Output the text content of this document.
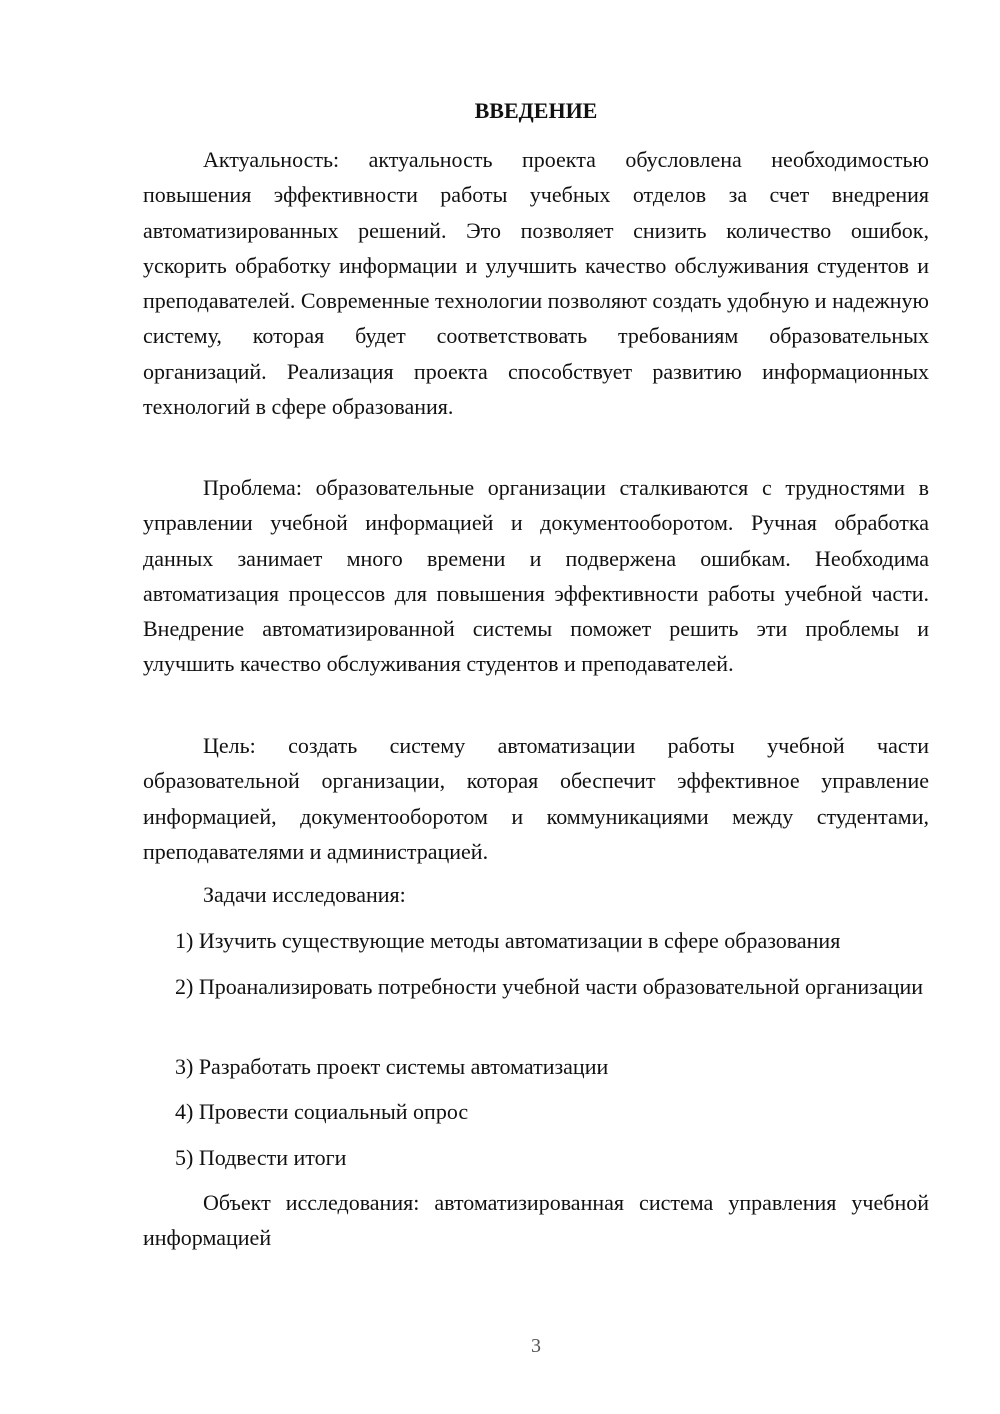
ВВЕДЕНИЕ

Актуальность: актуальность проекта обусловлена необходимостью повышения эффективности работы учебных отделов за счет внедрения автоматизированных решений. Это позволяет снизить количество ошибок, ускорить обработку информации и улучшить качество обслуживания студентов и преподавателей. Современные технологии позволяют создать удобную и надежную систему, которая будет соответствовать требованиям образовательных организаций. Реализация проекта способствует развитию информационных технологий в сфере образования.

Проблема: образовательные организации сталкиваются с трудностями в управлении учебной информацией и документооборотом. Ручная обработка данных занимает много времени и подвержена ошибкам. Необходима автоматизация процессов для повышения эффективности работы учебной части. Внедрение автоматизированной системы поможет решить эти проблемы и улучшить качество обслуживания студентов и преподавателей.

Цель: создать систему автоматизации работы учебной части образовательной организации, которая обеспечит эффективное управление информацией, документооборотом и коммуникациями между студентами, преподавателями и администрацией.

Задачи исследования:

1) Изучить существующие методы автоматизации в сфере образования

2) Проанализировать потребности учебной части образовательной организации

3) Разработать проект системы автоматизации

4) Провести социальный опрос

5) Подвести итоги

Объект исследования: автоматизированная система управления учебной информацией

3
